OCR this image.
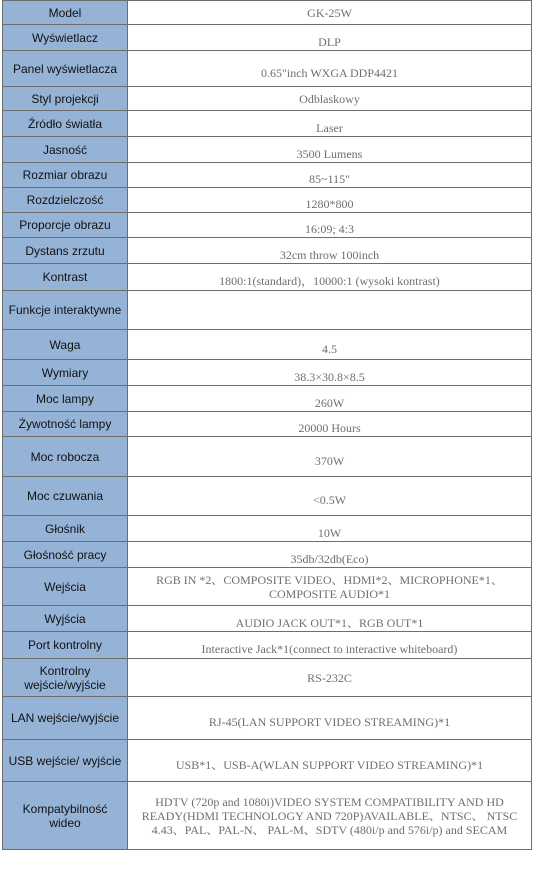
Model	GK-25W
Wyświetlacz	DLP
Panel wyświetlacza	0.65"inch WXGA DDP4421
Styl projekcji	Odblaskowy
Źródło światła	Laser
Jasność	3500 Lumens
Rozmiar obrazu	85~115"
Rozdzielczość	1280*800
Proporcje obrazu	16:09; 4:3
Dystans zrzutu	32cm throw 100inch
Kontrast	1800:1(standard)，10000:1 (wysoki kontrast)
Funkcje interaktywne	
Waga	4.5
Wymiary	38.3×30.8×8.5
Moc lampy	260W
Żywotność lampy	20000 Hours
Moc robocza	370W
Moc czuwania	<0.5W
Głośnik	10W
Głośność pracy	35db/32db(Eco)
Wejścia	RGB IN *2、COMPOSITE VIDEO、HDMI*2、MICROPHONE*1、COMPOSITE AUDIO*1
Wyjścia	AUDIO JACK OUT*1、RGB OUT*1
Port kontrolny	Interactive Jack*1(connect to interactive whiteboard)
Kontrolny wejście/wyjście	RS-232C
LAN wejście/wyjście	RJ-45(LAN SUPPORT VIDEO STREAMING)*1
USB wejście/ wyjście	USB*1、USB-A(WLAN SUPPORT VIDEO STREAMING)*1
Kompatybilność wideo	HDTV (720p and 1080i)VIDEO SYSTEM COMPATIBILITY AND HD READY(HDMI TECHNOLOGY AND 720P)AVAILABLE、NTSC、 NTSC 4.43、PAL、PAL-N、 PAL-M、SDTV (480i/p and 576i/p) and SECAM
